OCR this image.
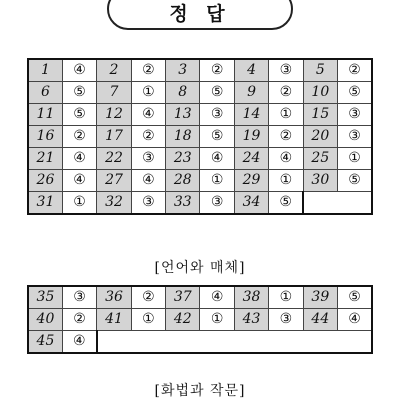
정 답
1	④	2	②	3	②	4	③	5	②
6	⑤	7	①	8	⑤	9	②	10	⑤
11	⑤	12	④	13	③	14	①	15	③
16	②	17	②	18	⑤	19	②	20	③
21	④	22	③	23	④	24	④	25	①
26	④	27	④	28	①	29	①	30	⑤
31	①	32	③	33	③	34	⑤		
[언어와 매체]
35	③	36	②	37	④	38	①	39	⑤
40	②	41	①	42	①	43	③	44	④
45	④								
[화법과 작문]
